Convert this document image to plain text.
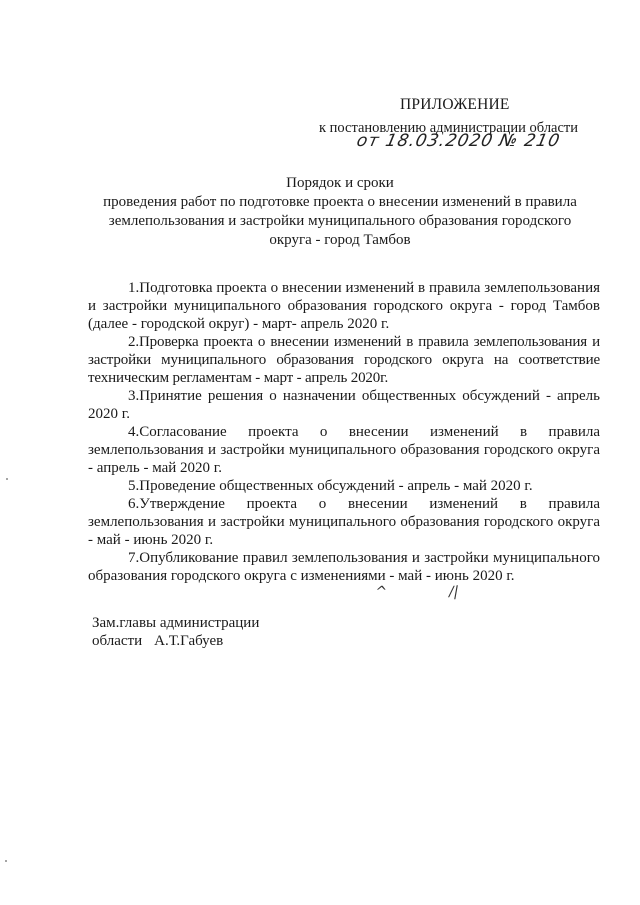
ПРИЛОЖЕНИЕ
к постановлению администрации области
от 18.03.2020 № 210
Порядок и сроки
проведения работ по подготовке проекта о внесении изменений в правила землепользования и застройки муниципального образования городского округа - город Тамбов

1.Подготовка проекта о внесении изменений в правила землепользования и застройки муниципального образования городского округа - город Тамбов (далее - городской округ) - март- апрель 2020 г.

2.Проверка проекта о внесении изменений в правила землепользования и застройки муниципального образования городского округа на соответствие техническим регламентам - март - апрель 2020г.

3.Принятие решения о назначении общественных обсуждений - апрель 2020 г.

4.Согласование проекта о внесении изменений в правила землепользования и застройки муниципального образования городского округа - апрель - май 2020 г.

5.Проведение общественных обсуждений - апрель - май 2020 г.

6.Утверждение проекта о внесении изменений в правила землепользования и застройки муниципального образования городского округа - май - июнь 2020 г.

7.Опубликование правил землепользования и застройки муниципального образования городского округа с изменениями - май - июнь 2020 г.

^	/|
Зам.главы администрации
области А.Т.Габуев
